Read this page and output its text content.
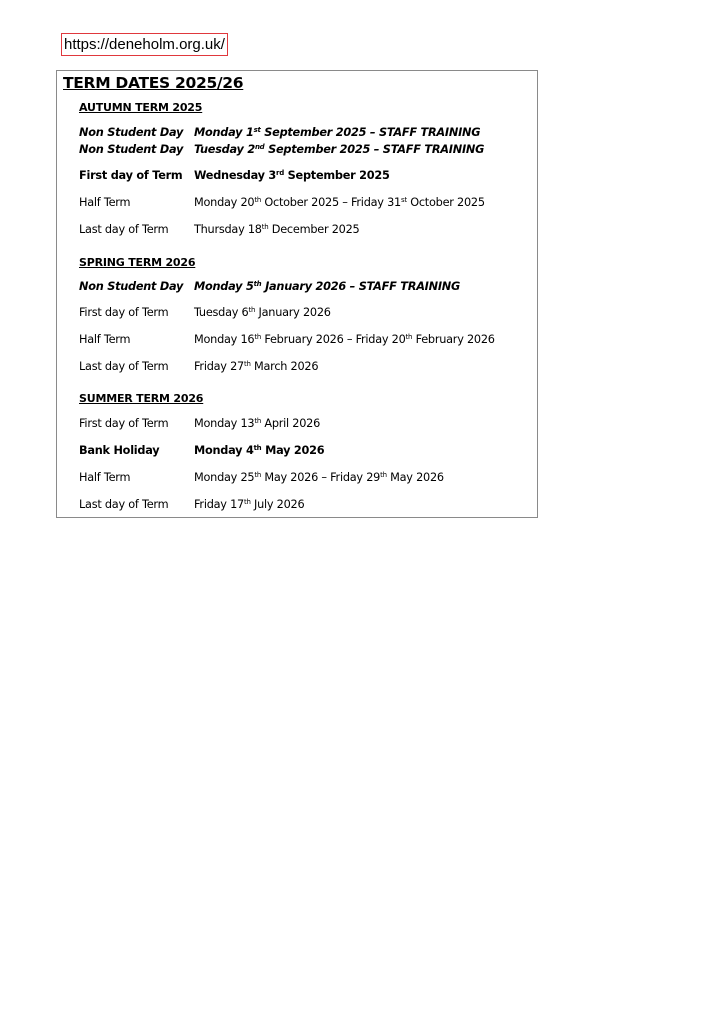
https://deneholm.org.uk/
TERM DATES 2025/26
AUTUMN TERM 2025
Non Student Day Monday 1st September 2025 – STAFF TRAINING
Non Student Day Tuesday 2nd September 2025 – STAFF TRAINING
First day of Term Wednesday 3rd September 2025
Half Term	Monday 20th October 2025 – Friday 31st October 2025
Last day of Term Thursday 18th December 2025
SPRING TERM 2026
Non Student Day Monday 5th January 2026 – STAFF TRAINING
First day of Term Tuesday 6th January 2026
Half Term	Monday 16th February 2026 – Friday 20th February 2026
Last day of Term Friday 27th March 2026
SUMMER TERM 2026
First day of Term Monday 13th April 2026
Bank Holiday	Monday 4th May 2026
Half Term	Monday 25th May 2026 – Friday 29th May 2026
Last day of Term Friday 17th July 2026
